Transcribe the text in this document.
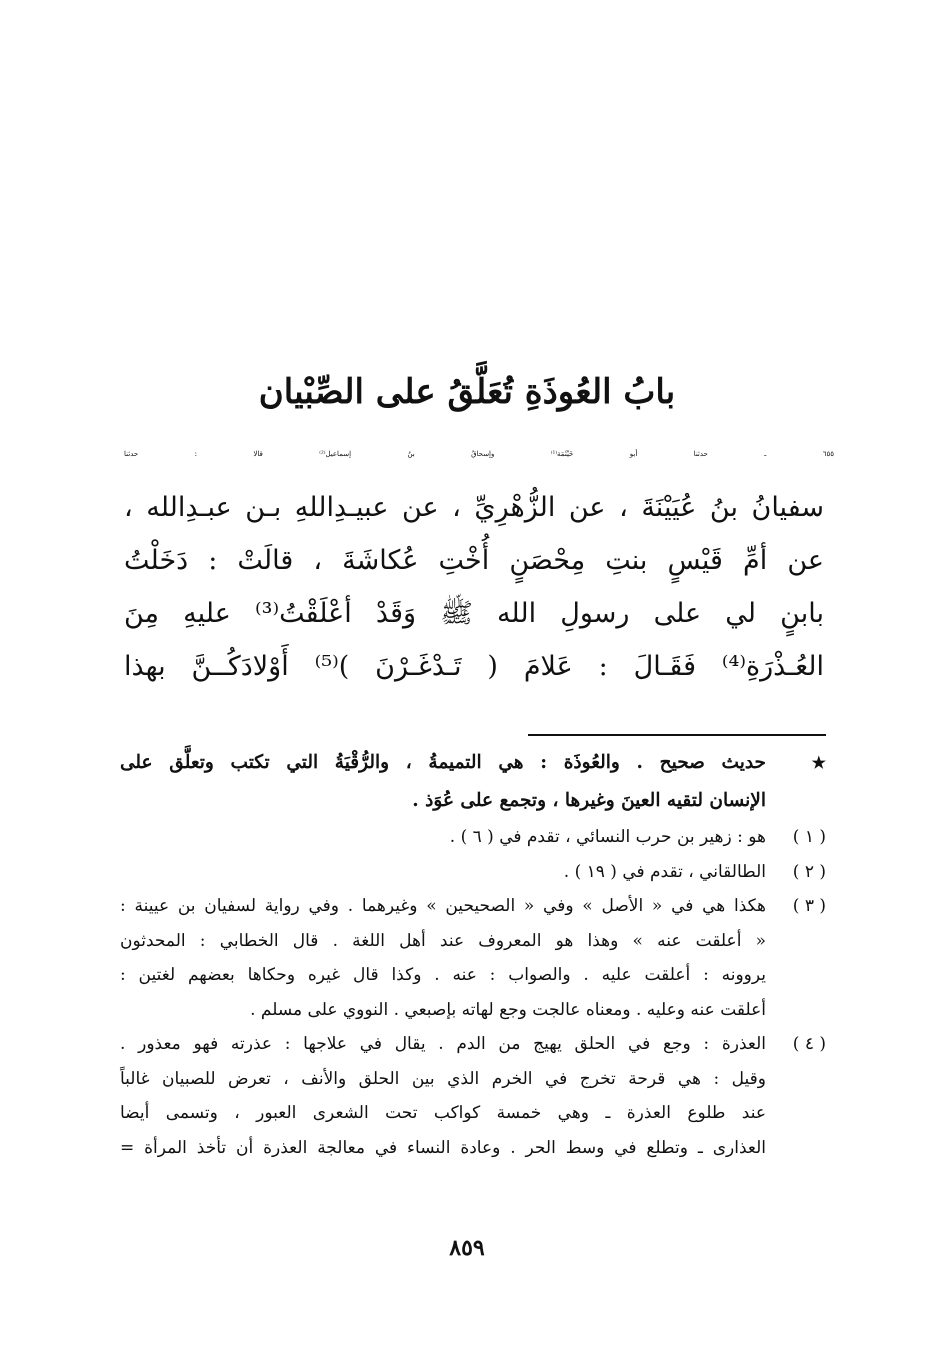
بابُ العُوذَةِ تُعَلَّقُ على الصِّبْيان
٦٥٥ ـ حدثنا أبو خَيْثَمَة⁽¹⁾ وإسحاقُ بنُ إسماعيل⁽²⁾ قالا : حدثنا
سفيانُ بنُ عُيَيْنَةَ ، عن الزُّهْرِيِّ ، عن عبيـدِاللهِ بـن عبـدِالله ،
عن أمِّ قَيْسٍ بنتِ مِحْصَنٍ أُخْتِ عُكاشَةَ ، قالَتْ : دَخَلْتُ
بابنٍ لي على رسولِ الله ﷺ وَقَدْ أعْلَقْتُ⁽³⁾ عليهِ مِنَ
العُـذْرَةِ⁽⁴⁾ فَقَـالَ : عَلامَ ( تَـدْغَـرْنَ )⁽⁵⁾ أَوْلادَكُــنَّ بهذا
★
حديث صحيح . والعُوذَة : هي التميمةُ ، والرُّقْيَةُ التي تكتب وتعلَّق على
الإنسان لتقيه العينَ وغيرها ، وتجمع على عُوَذ .
( ١ )
هو : زهير بن حرب النسائي ، تقدم في ( ٦ ) .
( ٢ )
الطالقاني ، تقدم في ( ١٩ ) .
( ٣ )
هكذا هي في « الأصل » وفي « الصحيحين » وغيرهما . وفي رواية لسفيان بن عيينة :
« أعلقت عنه » وهذا هو المعروف عند أهل اللغة . قال الخطابي : المحدثون
يروونه : أعلقت عليه . والصواب : عنه . وكذا قال غيره وحكاها بعضهم لغتين :
أعلقت عنه وعليه . ومعناه عالجت وجع لهاته بإصبعي . النووي على مسلم .
( ٤ )
العذرة : وجع في الحلق يهيج من الدم . يقال في علاجها : عذرته فهو معذور .
وقيل : هي قرحة تخرج في الخرم الذي بين الحلق والأنف ، تعرض للصبيان غالباً
عند طلوع العذرة ـ وهي خمسة كواكب تحت الشعرى العبور ، وتسمى أيضا
العذارى ـ وتطلع في وسط الحر . وعادة النساء في معالجة العذرة أن تأخذ المرأة =
٨٥٩
